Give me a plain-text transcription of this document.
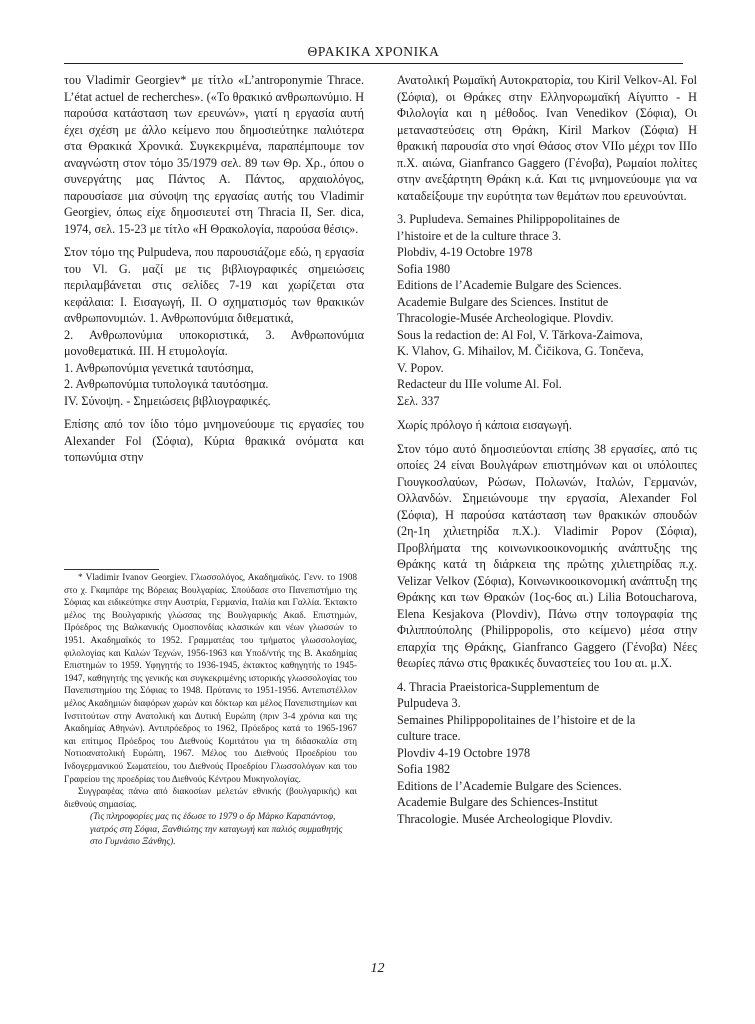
ΘΡΑΚΙΚΑ ΧΡΟΝΙΚΑ

του Vladimir Georgiev* με τίτλο «L’antroponymie Thrace. L’état actuel de recherches». («Το θρακικό ανθρωπωνύμιο. Η παρούσα κατάσταση των ερευνών», γιατί η εργασία αυτή έχει σχέση με άλλο κείμενο που δημοσιεύτηκε παλιότερα στα Θρακικά Χρονικά. Συγκεκριμένα, παραπέμπουμε τον αναγνώστη στον τόμο 35/1979 σελ. 89 των Θρ. Χρ., όπου ο συνεργάτης μας Πάντος Α. Πάντος, αρχαιολόγος, παρουσίασε μια σύνοψη της εργασίας αυτής του Vladimir Georgiev, όπως είχε δημοσιευτεί στη Thracia II, Ser. dica, 1974, σελ. 15-23 με τίτλο «Η Θρακολογία, παρούσα θέσις».

Στον τόμο της Pulpudeva, που παρουσιάζομε εδώ, η εργασία του Vl. G. μαζί με τις βιβλιογραφικές σημειώσεις περιλαμβάνεται στις σελίδες 7-19 και χωρίζεται στα κεφάλαια: I. Εισαγωγή, II. Ο σχηματισμός των θρακικών ανθρωπονυμιών. 1. Ανθρωπονύμια διθεματικά,
2. Ανθρωπονύμια υποκοριστικά, 3. Ανθρωπονύμια μονοθεματικά. III. Η ετυμολογία.
1. Ανθρωπονύμια γενετικά ταυτόσημα,
2. Ανθρωπονύμια τυπολογικά ταυτόσημα.
IV. Σύνοψη. - Σημειώσεις βιβλιογραφικές.

Επίσης από τον ίδιο τόμο μνημονεύουμε τις εργασίες του Alexander Fol (Σόφια), Κύρια θρακικά ονόματα και τοπωνύμια στην

* Vladimir Ivanov Georgiev. Γλωσσολόγος, Ακαδημαϊκός. Γενν. το 1908 στο χ. Γκαμπάρε της Βόρειας Βουλγαρίας. Σπούδασε στο Πανεπιστήμιο της Σόφιας και ειδικεύτηκε στην Αυστρία, Γερμανία, Ιταλία και Γαλλία. Έκτακτο μέλος της Βουλγαρικής γλώσσας της Βουλγαρικής Ακαδ. Επιστημών, Πρόεδρος της Βαλκανικής Ομοσπονδίας κλασικών και νέων γλωσσών το 1951. Ακαδημαϊκός το 1952. Γραμματέας του τμήματος γλωσσολογίας, φιλολογίας και Καλών Τεχνών, 1956-1963 και Υποδ/ντής της Β. Ακαδημίας Επιστημών το 1959. Υφηγητής το 1936-1945, έκτακτος καθηγητής το 1945-1947, καθηγητής της γενικής και συγκεκριμένης ιστορικής γλωσσολογίας του Πανεπιστημίου της Σόφιας το 1948. Πρύτανις το 1951-1956. Αντεπιστέλλον μέλος Ακαδημιών διαφόρων χωρών και δόκτωρ και μέλος Πανεπιστημίων και Ινστιτούτων στην Ανατολική και Δυτική Ευρώπη (πριν 3-4 χρόνια και της Ακαδημίας Αθηνών). Αντιπρόεδρος το 1962, Πρόεδρος κατά το 1965-1967 και επίτιμος Πρόεδρος του Διεθνούς Κομιτάτου για τη διδασκαλία στη Νοτιοανατολική Ευρώπη, 1967. Μέλος του Διεθνούς Προεδρίου του Ινδογερμανικού Σωματείου, του Διεθνούς Προεδρίου Γλωσσολόγων και του Γραφείου της προεδρίας του Διεθνούς Κέντρου Μυκηνολογίας.

Συγγραφέας πάνω από διακοσίων μελετών εθνικής (βουλγαρικής) και διεθνούς σημασίας.

(Τις πληροφορίες μας τις έδωσε το 1979 ο δρ Μάρκο Καραπάντοφ, γιατρός στη Σόφια, Ξανθιώτης την καταγωγή και παλιός συμμαθητής στο Γυμνάσιο Ξάνθης).

Ανατολική Ρωμαϊκή Αυτοκρατορία, του Kiril Velkov-Al. Fol (Σόφια), οι Θράκες στην Ελληνορωμαϊκή Αίγυπτο - Η Φιλολογία και η μέθοδος. Ivan Venedikov (Σόφια), Οι μεταναστεύσεις στη Θράκη, Kiril Markov (Σόφια) Η θρακική παρουσία στο νησί Θάσος στον VIIο μέχρι τον IIIο π.Χ. αιώνα, Gianfranco Gaggero (Γένοβα), Ρωμαίοι πολίτες στην ανεξάρτητη Θράκη κ.ά. Και τις μνημονεύουμε για να καταδείξουμε την ευρύτητα των θεμάτων που ερευνούνται.

3. Pupludeva. Semaines Philippopolitaines de
l’histoire et de la culture thrace 3.
Plobdiv, 4-19 Octobre 1978
Sofia 1980
Editions de l’Academie Bulgare des Sciences.
Academie Bulgare des Sciences. Institut de
Thracologie-Musée Archeologique. Plovdiv.
Sous la redaction de: Al Fol, V. Tărkova-Zaimova,
K. Vlahov, G. Mihailov, M. Čičikova, G. Tončeva,
V. Popov.
Redacteur du IIIe volume Al. Fol.
Σελ. 337

Χωρίς πρόλογο ή κάποια εισαγωγή.

Στον τόμο αυτό δημοσιεύονται επίσης 38 εργασίες, από τις οποίες 24 είναι Βουλγάρων επιστημόνων και οι υπόλοιπες Γιουγκοσλαύων, Ρώσων, Πολωνών, Ιταλών, Γερμανών, Ολλανδών. Σημειώνουμε την εργασία, Alexander Fol (Σόφια), Η παρούσα κατάσταση των θρακικών σπουδών (2η-1η χιλιετηρίδα π.Χ.). Vladimir Popov (Σόφια), Προβλήματα της κοινωνικοοικονομικής ανάπτυξης της Θράκης κατά τη διάρκεια της πρώτης χιλιετηρίδας π.χ. Velizar Velkov (Σόφια), Κοινωνικοοικονομική ανάπτυξη της Θράκης και των Θρακών (1ος-6ος αι.) Lilia Botoucharova, Elena Kesjakova (Plovdiv), Πάνω στην τοπογραφία της Φιλιππούπολης (Philippopolis, στο κείμενο) μέσα στην επαρχία της Θράκης, Gianfranco Gaggero (Γένοβα) Νέες θεωρίες πάνω στις θρακικές δυναστείες του 1ου αι. μ.Χ.

4. Thracia Praeistorica-Supplementum de
Pulpudeva 3.
Semaines Philippopolitaines de l’histoire et de la
culture trace.
Plovdiv 4-19 Octobre 1978
Sofia 1982
Editions de l’Academie Bulgare des Sciences.
Academie Bulgare des Schiences-Institut
Thracologie. Musée Archeologique Plovdiv.
12
